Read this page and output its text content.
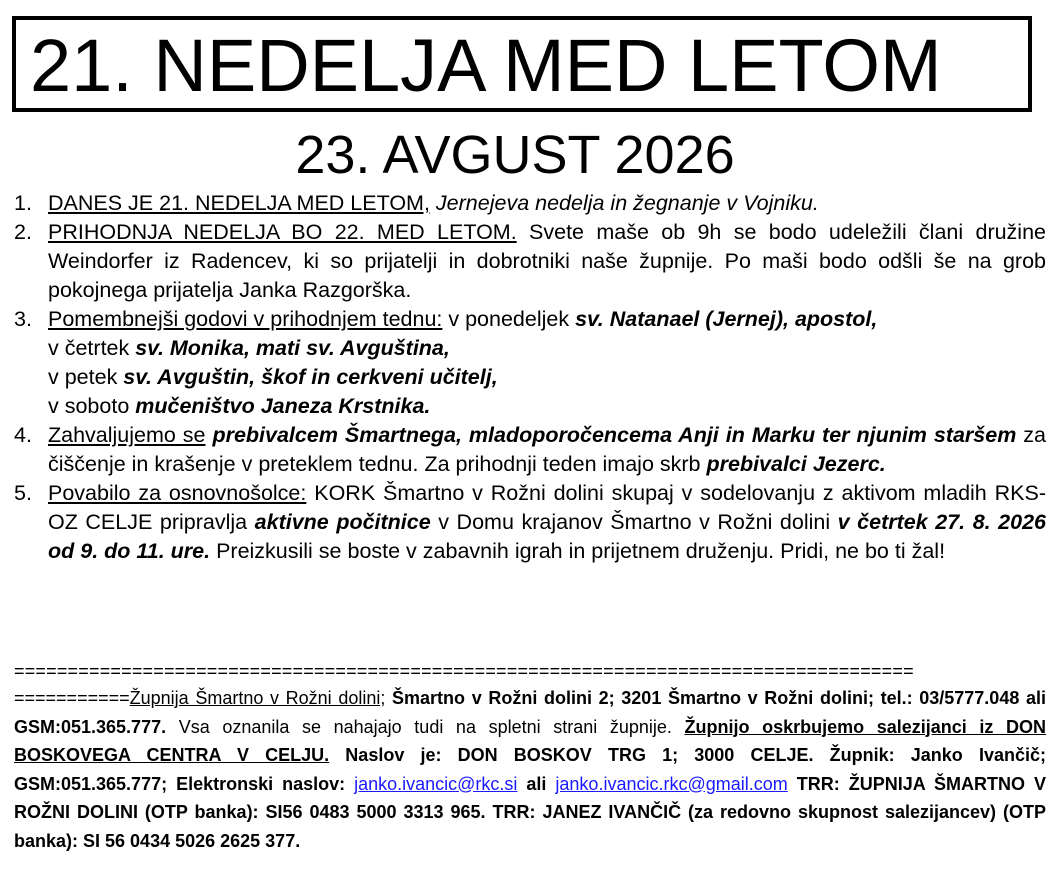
21. NEDELJA MED LETOM
23. AVGUST 2026
1. DANES JE 21. NEDELJA MED LETOM, Jernejeva nedelja in žegnanje v Vojniku.
2. PRIHODNJA NEDELJA BO 22. MED LETOM. Svete maše ob 9h se bodo udeležili člani družine Weindorfer iz Radencev, ki so prijatelji in dobrotniki naše župnije. Po maši bodo odšli še na grob pokojnega prijatelja Janka Razgorška.
3. Pomembnejši godovi v prihodnjem tednu: v ponedeljek sv. Natanael (Jernej), apostol,
v četrtek sv. Monika, mati sv. Avguština,
v petek sv. Avguštin, škof in cerkveni učitelj,
v soboto mučeništvo Janeza Krstnika.
4. Zahvaljujemo se prebivalcem Šmartnega, mladoporočencema Anji in Marku ter njunim staršem za čiščenje in krašenje v preteklem tednu. Za prihodnji teden imajo skrb prebivalci Jezerc.
5. Povabilo za osnovnošolce: KORK Šmartno v Rožni dolini skupaj v sodelovanju z aktivom mladih RKS-OZ CELJE pripravlja aktivne počitnice v Domu krajanov Šmartno v Rožni dolini v četrtek 27. 8. 2026 od 9. do 11. ure. Preizkusili se boste v zabavnih igrah in prijetnem druženju. Pridi, ne bo ti žal!
====================================================================================
===========Župnija Šmartno v Rožni dolini; Šmartno v Rožni dolini 2; 3201 Šmartno v Rožni dolini; tel.: 03/5777.048 ali GSM:051.365.777. Vsa oznanila se nahajajo tudi na spletni strani župnije. Župnijo oskrbujemo salezijanci iz DON BOSKOVEGA CENTRA V CELJU. Naslov je: DON BOSKOV TRG 1; 3000 CELJE. Župnik: Janko Ivančič; GSM:051.365.777; Elektronski naslov: janko.ivancic@rkc.si ali janko.ivancic.rkc@gmail.com TRR: ŽUPNIJA ŠMARTNO V ROŽNI DOLINI (OTP banka): SI56 0483 5000 3313 965. TRR: JANEZ IVANČIČ (za redovno skupnost salezijancev) (OTP banka): SI 56 0434 5026 2625 377.
